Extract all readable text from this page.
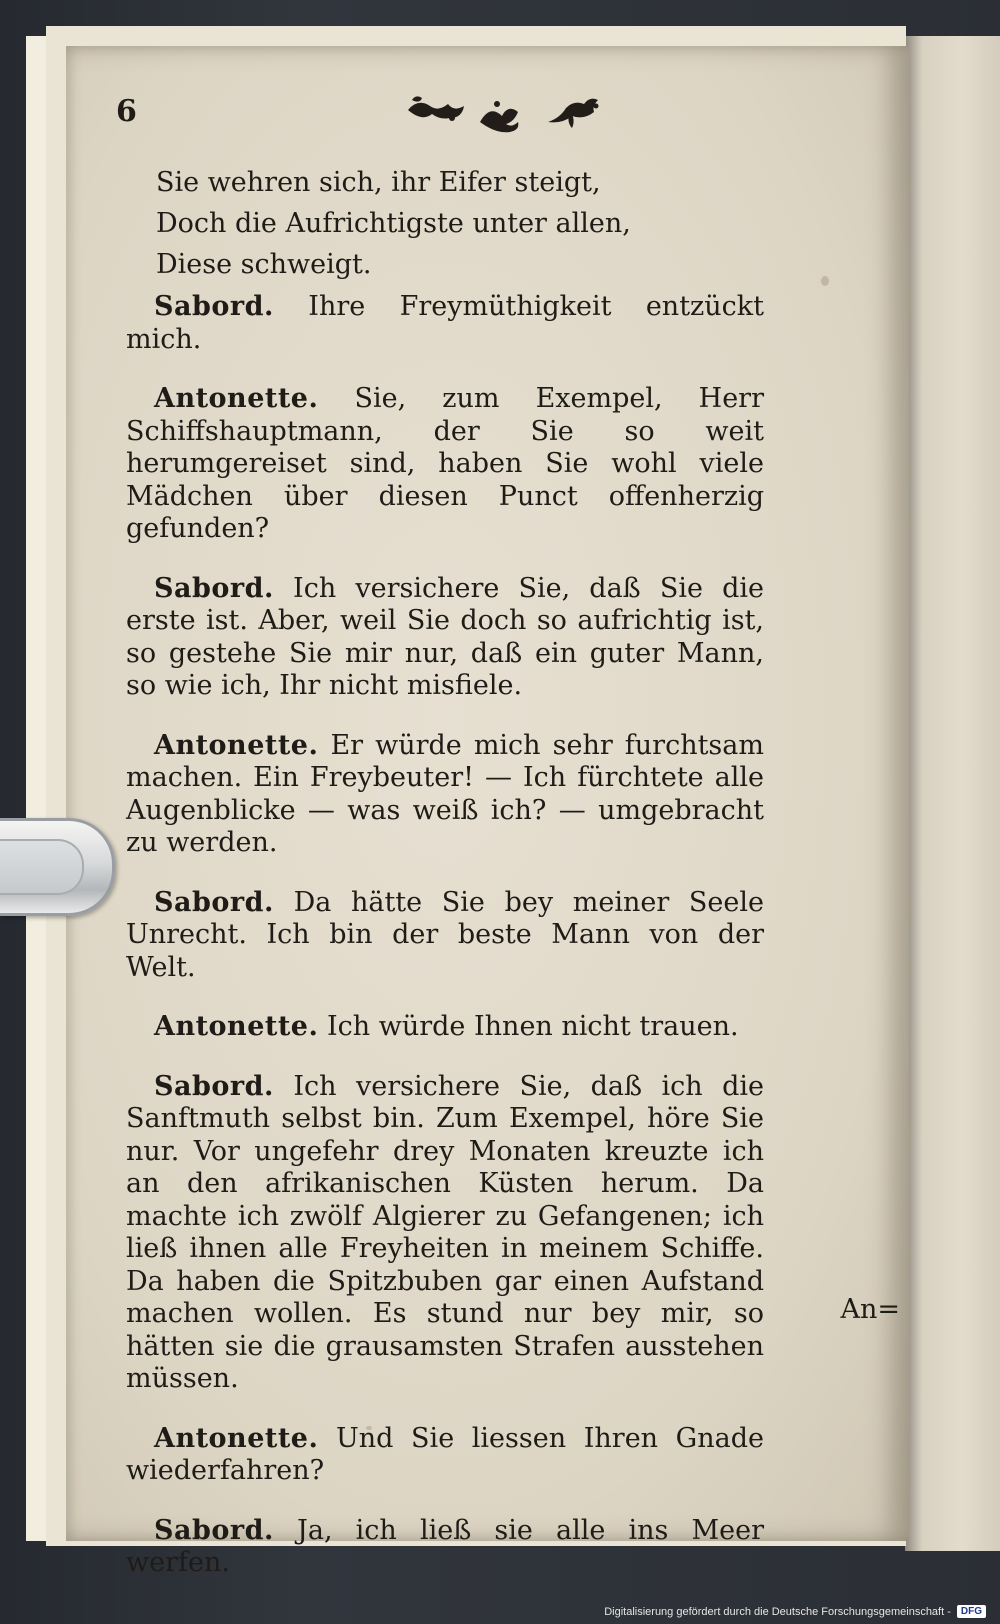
6
Sie wehren sich, ihr Eifer steigt,
Doch die Aufrichtigste unter allen,
Diese schweigt.

Sabord. Ihre Freymüthigkeit entzückt mich.

Antonette. Sie, zum Exempel, Herr Schiffshauptmann, der Sie so weit herumgereiset sind, haben Sie wohl viele Mädchen über diesen Punct offenherzig gefunden?

Sabord. Ich versichere Sie, daß Sie die erste ist. Aber, weil Sie doch so aufrichtig ist, so gestehe Sie mir nur, daß ein guter Mann, so wie ich, Ihr nicht misfiele.

Antonette. Er würde mich sehr furchtsam machen. Ein Freybeuter! — Ich fürchtete alle Augenblicke — was weiß ich? — umgebracht zu werden.

Sabord. Da hätte Sie bey meiner Seele Unrecht. Ich bin der beste Mann von der Welt.

Antonette. Ich würde Ihnen nicht trauen.

Sabord. Ich versichere Sie, daß ich die Sanftmuth selbst bin. Zum Exempel, höre Sie nur. Vor ungefehr drey Monaten kreuzte ich an den afrikanischen Küsten herum. Da machte ich zwölf Algierer zu Gefangenen; ich ließ ihnen alle Freyheiten in meinem Schiffe. Da haben die Spitzbuben gar einen Aufstand machen wollen. Es stund nur bey mir, so hätten sie die grausamsten Strafen ausstehen müssen.

Antonette. Und Sie liessen Ihren Gnade wiederfahren?

Sabord. Ja, ich ließ sie alle ins Meer werfen.

An=
Digitalisierung gefördert durch die Deutsche Forschungsgemeinschaft -	DFG
